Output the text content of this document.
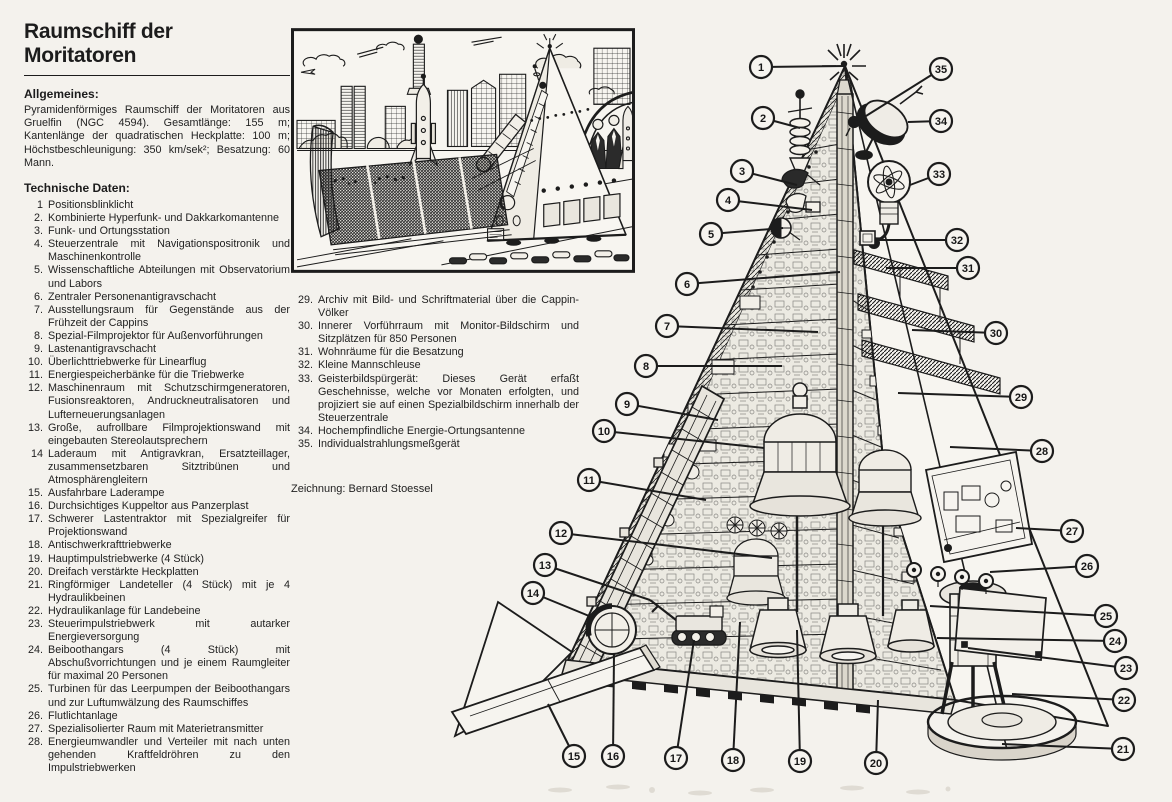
Raumschiff der Moritatoren
Allgemeines:

Pyramidenförmiges Raumschiff der Moritatoren aus Gruelfin (NGC 4594). Gesamtlänge: 155 m; Kantenlänge der quadratischen Heckplatte: 100 m; Höchstbeschleunigung: 350 km/sek²; Besatzung: 60 Mann.

Technische Daten:
1 Positionsblinklicht
2. Kombinierte Hyperfunk- und Dakkarkomantenne
3. Funk- und Ortungsstation
4. Steuerzentrale mit Navigationspositronik und Maschinenkontrolle
5. Wissenschaftliche Abteilungen mit Observatorium und Labors
6. Zentraler Personenantigravschacht
7. Ausstellungsraum für Gegenstände aus der Frühzeit der Cappins
8. Spezial-Filmprojektor für Außenvorführungen
9. Lastenantigravschacht
10. Überlichttriebwerke für Linearflug
11. Energiespeicherbänke für die Triebwerke
12. Maschinenraum mit Schutzschirmgeneratoren, Fusionsreaktoren, Andruckneutralisatoren und Lufterneuerungsanlagen
13. Große, aufrollbare Filmprojektionswand mit eingebauten Stereolautsprechern
14 Laderaum mit Antigravkran, Ersatzteillager, zusammensetzbaren Sitztribünen und Atmosphärengleitern
15. Ausfahrbare Laderampe
16. Durchsichtiges Kuppeltor aus Panzerplast
17. Schwerer Lastentraktor mit Spezialgreifer für Projektionswand
18. Antischwerkrafttriebwerke
19. Hauptimpulstriebwerke (4 Stück)
20. Dreifach verstärkte Heckplatten
21. Ringförmiger Landeteller (4 Stück) mit je 4 Hydraulikbeinen
22. Hydraulikanlage für Landebeine
23. Steuerimpulstriebwerk mit autarker Energieversorgung
24. Beiboothangars (4 Stück) mit Abschußvorrichtungen und je einem Raumgleiter für maximal 20 Personen
25. Turbinen für das Leerpumpen der Beiboothangars und zur Luftumwälzung des Raumschiffes
26. Flutlichtanlage
27. Spezialisolierter Raum mit Materietransmitter
28. Energieumwandler und Verteiler mit nach unten gehenden Kraftfeldröhren zu den Impulstriebwerken
29. Archiv mit Bild- und Schriftmaterial über die Cappin-Völker
30. Innerer Vorführraum mit Monitor-Bildschirm und Sitzplätzen für 850 Personen
31. Wohnräume für die Besatzung
32. Kleine Mannschleuse
33. Geisterbildspürgerät: Dieses Gerät erfaßt Geschehnisse, welche vor Monaten erfolgten, und projiziert sie auf einen Spezialbildschirm innerhalb der Steuerzentrale
34. Hochempfindliche Energie-Ortungsantenne
35. Individualstrahlungsmeßgerät
Zeichnung: Bernard Stoessel
1
2
3
4
5
6
7
8
9
10
11
12
13
14
15 16	17	18	19	20
21
22
23
24
25
26
27
28
29
30
31
32
33
34
35
